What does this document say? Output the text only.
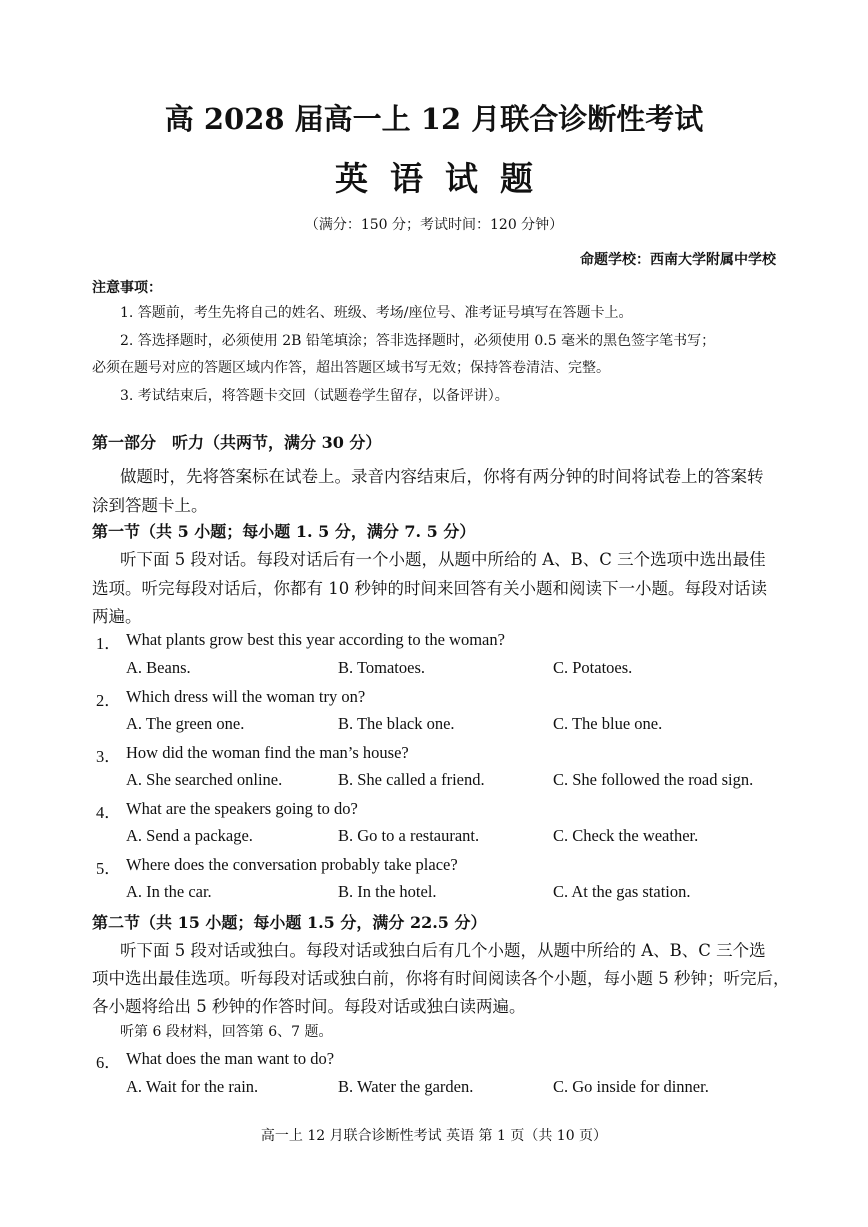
高 2028 届高一上 12 月联合诊断性考试
英语试题
（满分：150 分；考试时间：120 分钟）
命题学校：西南大学附属中学校
注意事项：
1. 答题前，考生先将自己的姓名、班级、考场/座位号、准考证号填写在答题卡上。
2. 答选择题时，必须使用 2B 铅笔填涂；答非选择题时，必须使用 0.5 毫米的黑色签字笔书写；
必须在题号对应的答题区域内作答，超出答题区域书写无效；保持答卷清洁、完整。
3. 考试结束后，将答题卡交回（试题卷学生留存，以备评讲）。
第一部分　听力（共两节，满分 30 分）
做题时，先将答案标在试卷上。录音内容结束后，你将有两分钟的时间将试卷上的答案转
涂到答题卡上。
第一节（共 5 小题；每小题 1. 5 分，满分 7. 5 分）
听下面 5 段对话。每段对话后有一个小题，从题中所给的 A、B、C 三个选项中选出最佳
选项。听完每段对话后，你都有 10 秒钟的时间来回答有关小题和阅读下一小题。每段对话读
两遍。
1． What plants grow best this year according to the woman?
A. Beans.	B. Tomatoes.	C. Potatoes.
2． Which dress will the woman try on?
A. The green one.	B. The black one.	C. The blue one.
3． How did the woman find the man’s house?
A. She searched online.	B. She called a friend.	C. She followed the road sign.
4． What are the speakers going to do?
A. Send a package.	B. Go to a restaurant.	C. Check the weather.
5． Where does the conversation probably take place?
A. In the car.	B. In the hotel.	C. At the gas station.
第二节（共 15 小题；每小题 1.5 分，满分 22.5 分）
听下面 5 段对话或独白。每段对话或独白后有几个小题，从题中所给的 A、B、C 三个选
项中选出最佳选项。听每段对话或独白前，你将有时间阅读各个小题，每小题 5 秒钟；听完后，
各小题将给出 5 秒钟的作答时间。每段对话或独白读两遍。
听第 6 段材料，回答第 6、7 题。
6． What does the man want to do?
A. Wait for the rain.	B. Water the garden.	C. Go inside for dinner.
高一上 12 月联合诊断性考试 英语 第 1 页（共 10 页）
